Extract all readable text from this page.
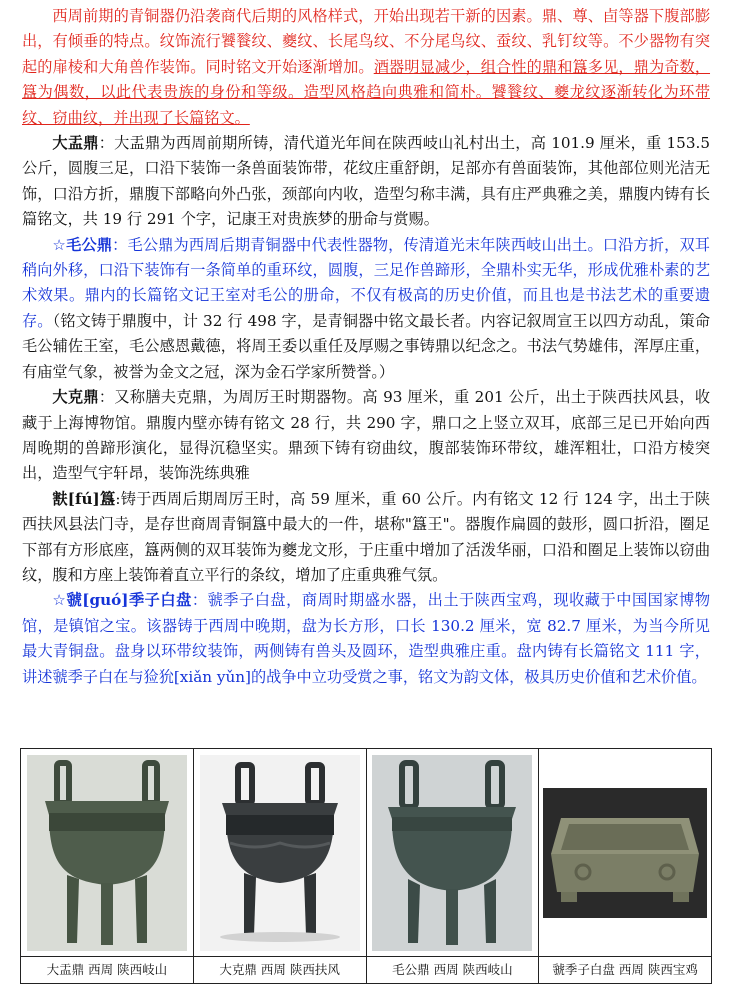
西周前期的青铜器仍沿袭商代后期的风格样式，开始出现若干新的因素。鼎、尊、卣等器下腹部膨出，有倾垂的特点。纹饰流行饕餮纹、夔纹、长尾鸟纹、不分尾鸟纹、蚕纹、乳钉纹等。不少器物有突起的扉棱和大角兽作装饰。同时铭文开始逐渐增加。酒器明显减少，组合性的鼎和簋多见，鼎为奇数，簋为偶数，以此代表贵族的身份和等级。造型风格趋向典雅和简朴。饕餮纹、夔龙纹逐渐转化为环带纹、窃曲纹，并出现了长篇铭文。

大盂鼎：大盂鼎为西周前期所铸，清代道光年间在陕西岐山礼村出土，高 101.9 厘米，重 153.5 公斤，圆腹三足，口沿下装饰一条兽面装饰带，花纹庄重舒朗，足部亦有兽面装饰，其他部位则光洁无饰，口沿方折，鼎腹下部略向外凸张，颈部向内收，造型匀称丰满，具有庄严典雅之美，鼎腹内铸有长篇铭文，共 19 行 291 个字，记康王对贵族梦的册命与赏赐。

☆毛公鼎：毛公鼎为西周后期青铜器中代表性器物，传清道光末年陕西岐山出土。口沿方折，双耳稍向外移，口沿下装饰有一条简单的重环纹，圆腹，三足作兽蹄形，全鼎朴实无华，形成优雅朴素的艺术效果。鼎内的长篇铭文记王室对毛公的册命，不仅有极高的历史价值，而且也是书法艺术的重要遗存。（铭文铸于鼎腹中，计 32 行 498 字，是青铜器中铭文最长者。内容记叙周宣王以四方动乱，策命毛公辅佐王室，毛公感恩戴德，将周王委以重任及厚赐之事铸鼎以纪念之。书法气势雄伟，浑厚庄重，有庙堂气象，被誉为金文之冠，深为金石学家所赞誉。）

大克鼎：又称膳夫克鼎，为周厉王时期器物。高 93 厘米，重 201 公斤，出土于陕西扶风县，收藏于上海博物馆。鼎腹内壁亦铸有铭文 28 行，共 290 字，鼎口之上竖立双耳，底部三足已开始向西周晚期的兽蹄形演化，显得沉稳坚实。鼎颈下铸有窃曲纹，腹部装饰环带纹，雄浑粗壮，口沿方棱突出，造型气宇轩昂，装饰洗练典雅

㝬[fú]簋:铸于西周后期周厉王时，高 59 厘米，重 60 公斤。内有铭文 12 行 124 字，出土于陕西扶风县法门寺，是存世商周青铜簋中最大的一件，堪称"簋王"。器腹作扁圆的鼓形，圆口折沿，圈足下部有方形底座，簋两侧的双耳装饰为夔龙文形，于庄重中增加了活泼华丽，口沿和圈足上装饰以窃曲纹，腹和方座上装饰着直立平行的条纹，增加了庄重典雅气氛。

☆虢[guó]季子白盘：虢季子白盘，商周时期盛水器，出土于陕西宝鸡，现收藏于中国国家博物馆，是镇馆之宝。该器铸于西周中晚期，盘为长方形，口长 130.2 厘米，宽 82.7 厘米，为当今所见最大青铜盘。盘身以环带纹装饰，两侧铸有兽头及圆环，造型典雅庄重。盘内铸有长篇铭文 111 字，讲述虢季子白在与猃狁[xiǎn yǔn]的战争中立功受赏之事，铭文为韵文体，极具历史价值和艺术价值。

大盂鼎 西周 陕西岐山	大克鼎 西周 陕西扶风	毛公鼎 西周 陕西岐山	虢季子白盘 西周 陕西宝鸡
